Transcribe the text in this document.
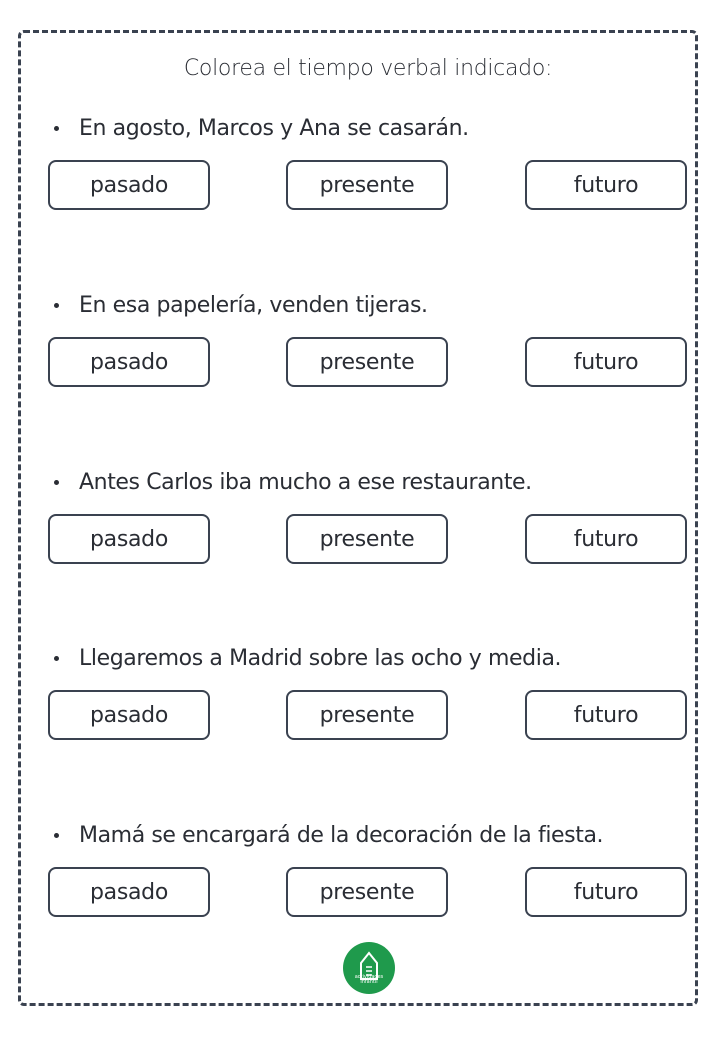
Colorea el tiempo verbal indicado:
En agosto, Marcos y Ana se casarán.
pasado	presente	futuro
En esa papelería, venden tijeras.
pasado	presente	futuro
Antes Carlos iba mucho a ese restaurante.
pasado	presente	futuro
Llegaremos a Madrid sobre las ocho y media.
pasado	presente	futuro
Mamá se encargará de la decoración de la fiesta.
pasado	presente	futuro
actividades infantil
